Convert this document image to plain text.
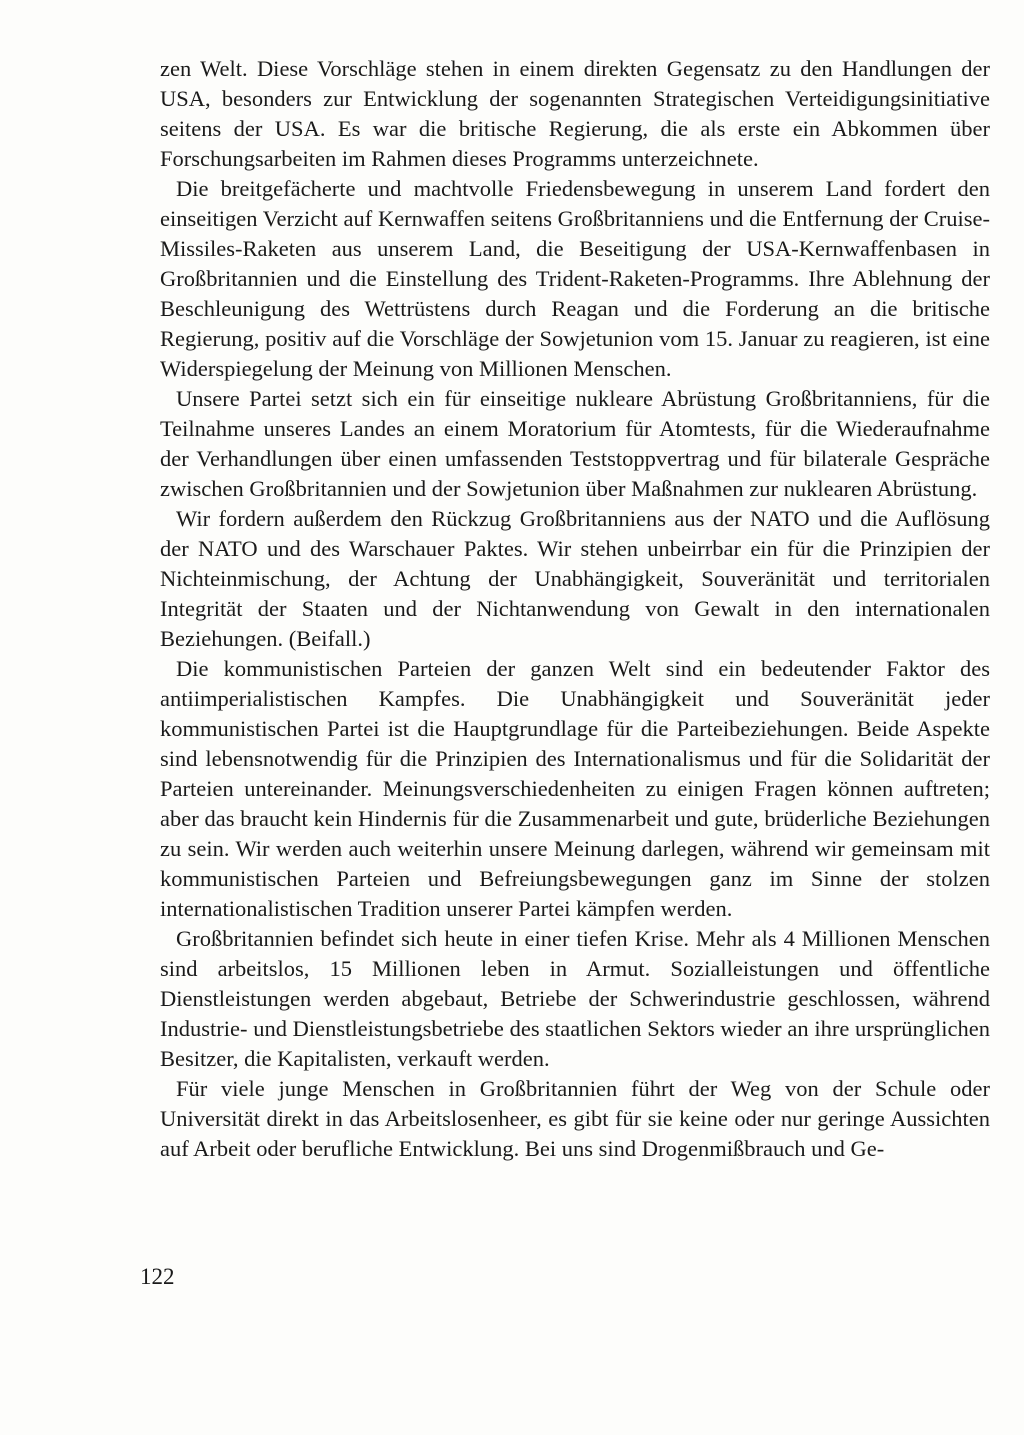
zen Welt. Diese Vorschläge stehen in einem direkten Gegensatz zu den Handlungen der USA, besonders zur Entwicklung der sogenannten Strategischen Verteidigungsinitiative seitens der USA. Es war die britische Regierung, die als erste ein Abkommen über Forschungsarbeiten im Rahmen dieses Programms unterzeichnete.

Die breitgefächerte und machtvolle Friedensbewegung in unserem Land fordert den einseitigen Verzicht auf Kernwaffen seitens Großbritanniens und die Entfernung der Cruise-Missiles-Raketen aus unserem Land, die Beseitigung der USA-Kernwaffenbasen in Großbritannien und die Einstellung des Trident-Raketen-Programms. Ihre Ablehnung der Beschleunigung des Wettrüstens durch Reagan und die Forderung an die britische Regierung, positiv auf die Vorschläge der Sowjetunion vom 15. Januar zu reagieren, ist eine Widerspiegelung der Meinung von Millionen Menschen.

Unsere Partei setzt sich ein für einseitige nukleare Abrüstung Großbritanniens, für die Teilnahme unseres Landes an einem Moratorium für Atomtests, für die Wiederaufnahme der Verhandlungen über einen umfassenden Teststoppvertrag und für bilaterale Gespräche zwischen Großbritannien und der Sowjetunion über Maßnahmen zur nuklearen Abrüstung.

Wir fordern außerdem den Rückzug Großbritanniens aus der NATO und die Auflösung der NATO und des Warschauer Paktes. Wir stehen unbeirrbar ein für die Prinzipien der Nichteinmischung, der Achtung der Unabhängigkeit, Souveränität und territorialen Integrität der Staaten und der Nichtanwendung von Gewalt in den internationalen Beziehungen. (Beifall.)

Die kommunistischen Parteien der ganzen Welt sind ein bedeutender Faktor des antiimperialistischen Kampfes. Die Unabhängigkeit und Souveränität jeder kommunistischen Partei ist die Hauptgrundlage für die Parteibeziehungen. Beide Aspekte sind lebensnotwendig für die Prinzipien des Internationalismus und für die Solidarität der Parteien untereinander. Meinungsverschiedenheiten zu einigen Fragen können auftreten; aber das braucht kein Hindernis für die Zusammenarbeit und gute, brüderliche Beziehungen zu sein. Wir werden auch weiterhin unsere Meinung darlegen, während wir gemeinsam mit kommunistischen Parteien und Befreiungsbewegungen ganz im Sinne der stolzen internationalistischen Tradition unserer Partei kämpfen werden.

Großbritannien befindet sich heute in einer tiefen Krise. Mehr als 4 Millionen Menschen sind arbeitslos, 15 Millionen leben in Armut. Sozialleistungen und öffentliche Dienstleistungen werden abgebaut, Betriebe der Schwerindustrie geschlossen, während Industrie- und Dienstleistungsbetriebe des staatlichen Sektors wieder an ihre ursprünglichen Besitzer, die Kapitalisten, verkauft werden.

Für viele junge Menschen in Großbritannien führt der Weg von der Schule oder Universität direkt in das Arbeitslosenheer, es gibt für sie keine oder nur geringe Aussichten auf Arbeit oder berufliche Entwicklung. Bei uns sind Drogenmißbrauch und Ge-

122
